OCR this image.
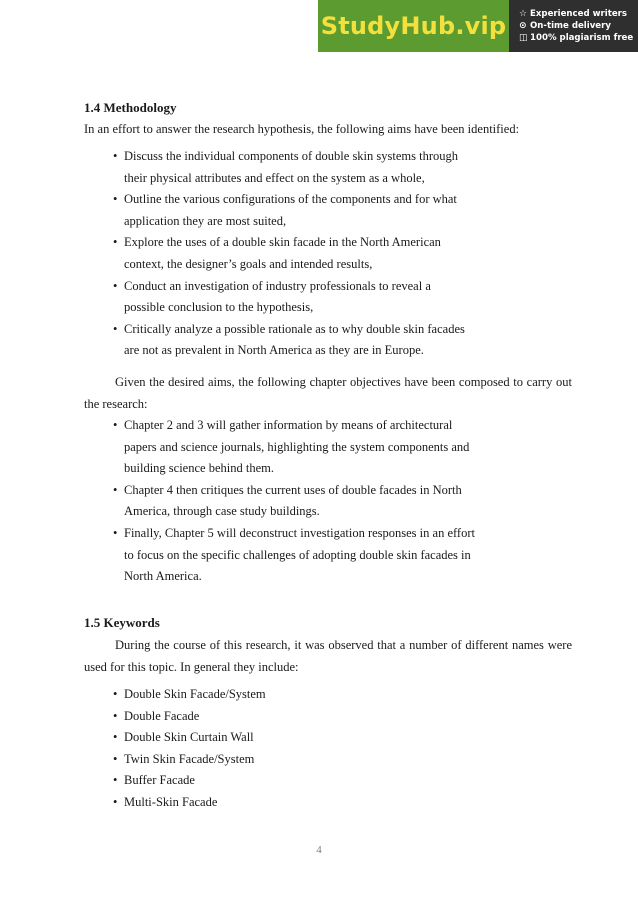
StudyHub.vip	☆ Experienced writers
⊙ On-time delivery
◫ 100% plagiarism free
1.4 Methodology

In an effort to answer the research hypothesis, the following aims have been identified:

• Discuss the individual components of double skin systems through
their physical attributes and effect on the system as a whole,
• Outline the various configurations of the components and for what
application they are most suited,
• Explore the uses of a double skin facade in the North American
context, the designer’s goals and intended results,
• Conduct an investigation of industry professionals to reveal a
possible conclusion to the hypothesis,
• Critically analyze a possible rationale as to why double skin facades
are not as prevalent in North America as they are in Europe.

Given the desired aims, the following chapter objectives have been composed to carry out the research:

• Chapter 2 and 3 will gather information by means of architectural
papers and science journals, highlighting the system components and
building science behind them.
• Chapter 4 then critiques the current uses of double facades in North
America, through case study buildings.
• Finally, Chapter 5 will deconstruct investigation responses in an effort
to focus on the specific challenges of adopting double skin facades in
North America.
1.5 Keywords

During the course of this research, it was observed that a number of different names were used for this topic. In general they include:

• Double Skin Facade/System
• Double Facade
• Double Skin Curtain Wall
• Twin Skin Facade/System
• Buffer Facade
• Multi-Skin Facade
4
